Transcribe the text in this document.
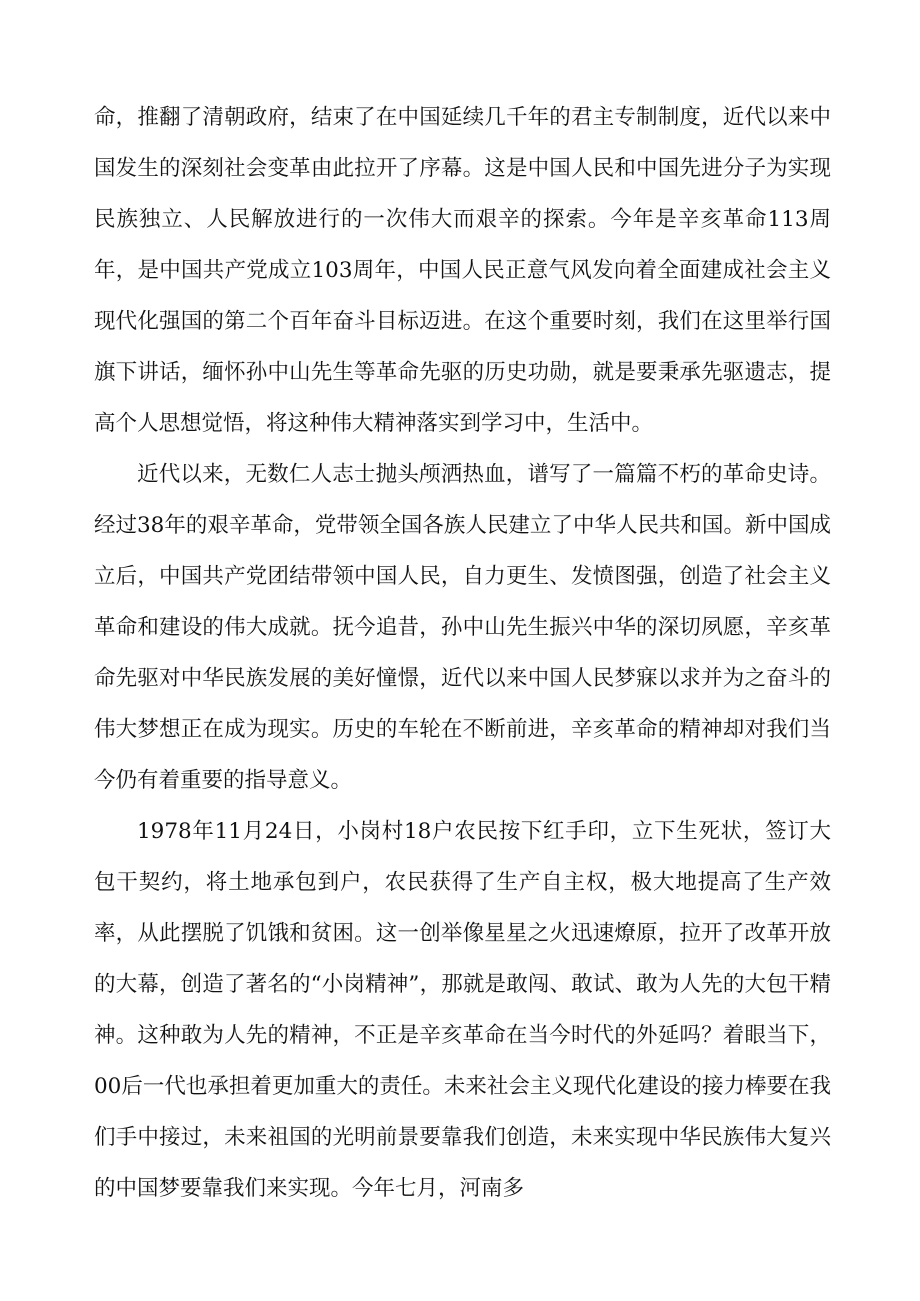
命，推翻了清朝政府，结束了在中国延续几千年的君主专制制度，近代以来中国发生的深刻社会变革由此拉开了序幕。这是中国人民和中国先进分子为实现民族独立、人民解放进行的一次伟大而艰辛的探索。今年是辛亥革命113周年，是中国共产党成立103周年，中国人民正意气风发向着全面建成社会主义现代化强国的第二个百年奋斗目标迈进。在这个重要时刻，我们在这里举行国旗下讲话，缅怀孙中山先生等革命先驱的历史功勋，就是要秉承先驱遗志，提高个人思想觉悟，将这种伟大精神落实到学习中，生活中。

近代以来，无数仁人志士抛头颅洒热血，谱写了一篇篇不朽的革命史诗。经过38年的艰辛革命，党带领全国各族人民建立了中华人民共和国。新中国成立后，中国共产党团结带领中国人民，自力更生、发愤图强，创造了社会主义革命和建设的伟大成就。抚今追昔，孙中山先生振兴中华的深切夙愿，辛亥革命先驱对中华民族发展的美好憧憬，近代以来中国人民梦寐以求并为之奋斗的伟大梦想正在成为现实。历史的车轮在不断前进，辛亥革命的精神却对我们当今仍有着重要的指导意义。

1978年11月24日，小岗村18户农民按下红手印，立下生死状，签订大包干契约，将土地承包到户，农民获得了生产自主权，极大地提高了生产效率，从此摆脱了饥饿和贫困。这一创举像星星之火迅速燎原，拉开了改革开放的大幕，创造了著名的“小岗精神”，那就是敢闯、敢试、敢为人先的大包干精神。这种敢为人先的精神，不正是辛亥革命在当今时代的外延吗？着眼当下，00后一代也承担着更加重大的责任。未来社会主义现代化建设的接力棒要在我们手中接过，未来祖国的光明前景要靠我们创造，未来实现中华民族伟大复兴的中国梦要靠我们来实现。今年七月，河南多
